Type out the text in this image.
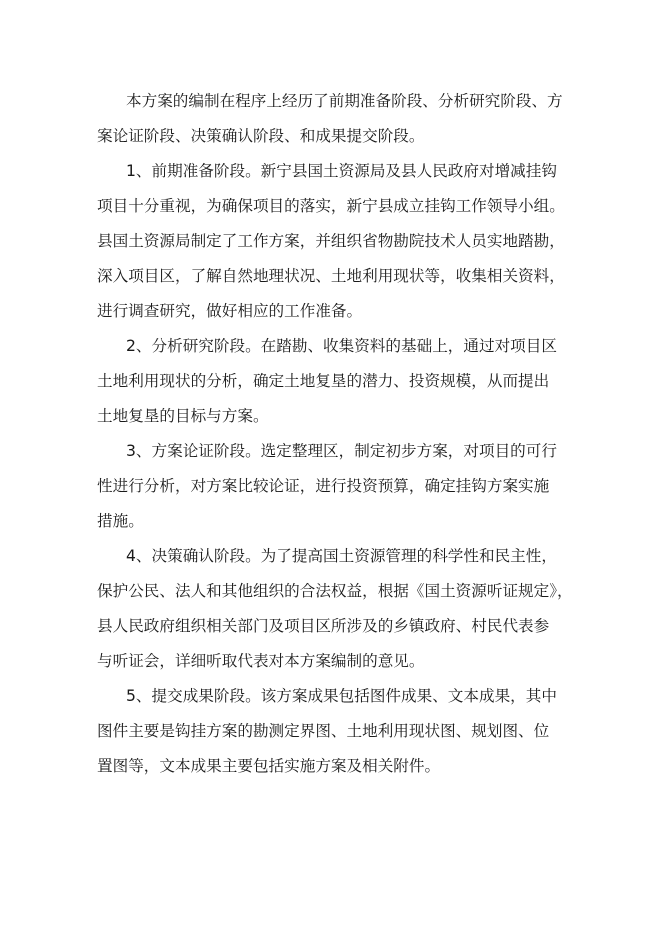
本方案的编制在程序上经历了前期准备阶段、分析研究阶段、方
案论证阶段、决策确认阶段、和成果提交阶段。
1、前期准备阶段。新宁县国土资源局及县人民政府对增减挂钩
项目十分重视，为确保项目的落实，新宁县成立挂钩工作领导小组。
县国土资源局制定了工作方案，并组织省物勘院技术人员实地踏勘，
深入项目区，了解自然地理状况、土地利用现状等，收集相关资料，
进行调查研究，做好相应的工作准备。
2、分析研究阶段。在踏勘、收集资料的基础上，通过对项目区
土地利用现状的分析，确定土地复垦的潜力、投资规模，从而提出
土地复垦的目标与方案。
3、方案论证阶段。选定整理区，制定初步方案，对项目的可行
性进行分析，对方案比较论证，进行投资预算，确定挂钩方案实施
措施。
4、决策确认阶段。为了提高国土资源管理的科学性和民主性，
保护公民、法人和其他组织的合法权益，根据《国土资源听证规定》，
县人民政府组织相关部门及项目区所涉及的乡镇政府、村民代表参
与听证会，详细听取代表对本方案编制的意见。
5、提交成果阶段。该方案成果包括图件成果、文本成果，其中
图件主要是钩挂方案的勘测定界图、土地利用现状图、规划图、位
置图等，文本成果主要包括实施方案及相关附件。
